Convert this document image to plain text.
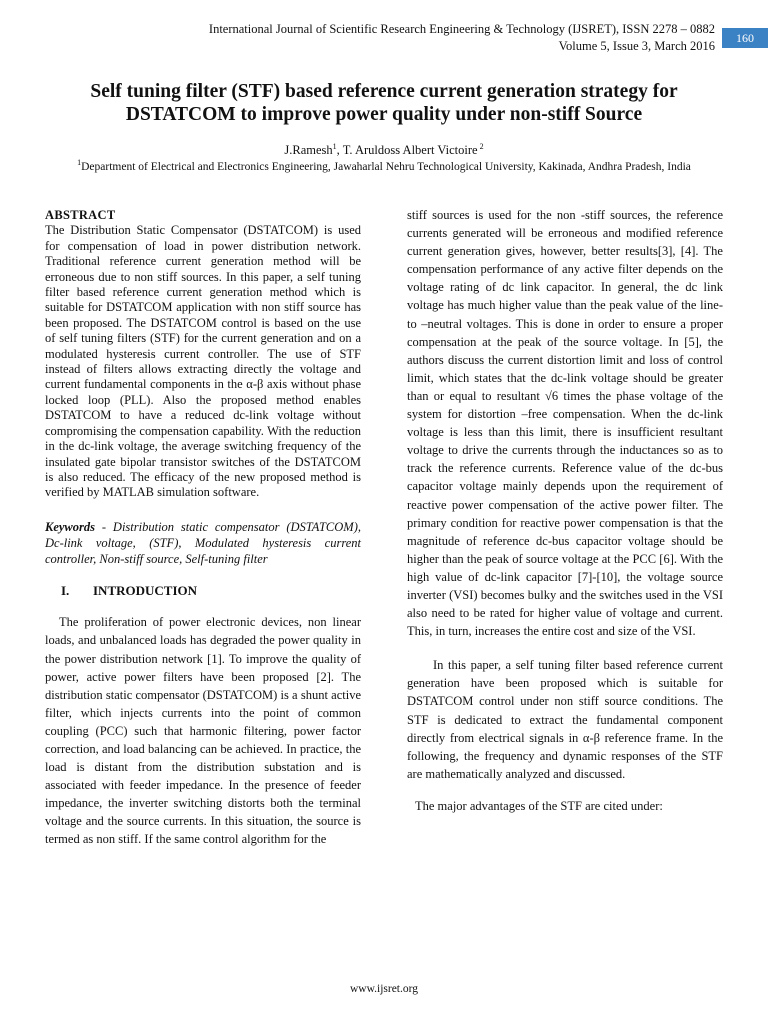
International Journal of Scientific Research Engineering & Technology (IJSRET), ISSN 2278 – 0882
Volume 5, Issue 3, March 2016
160
Self tuning filter (STF) based reference current generation strategy for
DSTATCOM to improve power quality under non-stiff Source
J.Ramesh$^1$, T. Aruldoss Albert Victoire $^2$
$^1$Department of Electrical and Electronics Engineering, Jawaharlal Nehru Technological University, Kakinada, Andhra Pradesh, India

ABSTRACT

The Distribution Static Compensator (DSTATCOM) is used for compensation of load in power distribution network. Traditional reference current generation method will be erroneous due to non stiff sources. In this paper, a self tuning filter based reference current generation method which is suitable for DSTATCOM application with non stiff source has been proposed. The DSTATCOM control is based on the use of self tuning filters (STF) for the current generation and on a modulated hysteresis current controller. The use of STF instead of filters allows extracting directly the voltage and current fundamental components in the α-β axis without phase locked loop (PLL). Also the proposed method enables DSTATCOM to have a reduced dc-link voltage without compromising the compensation capability. With the reduction in the dc-link voltage, the average switching frequency of the insulated gate bipolar transistor switches of the DSTATCOM is also reduced. The efficacy of the new proposed method is verified by MATLAB simulation software.

Keywords - Distribution static compensator (DSTATCOM), Dc-link voltage, (STF), Modulated hysteresis current controller, Non-stiff source, Self-tuning filter

I. INTRODUCTION

The proliferation of power electronic devices, non linear loads, and unbalanced loads has degraded the power quality in the power distribution network [1]. To improve the quality of power, active power filters have been proposed [2]. The distribution static compensator (DSTATCOM) is a shunt active filter, which injects currents into the point of common coupling (PCC) such that harmonic filtering, power factor correction, and load balancing can be achieved. In practice, the load is distant from the distribution substation and is associated with feeder impedance. In the presence of feeder impedance, the inverter switching distorts both the terminal voltage and the source currents. In this situation, the source is termed as non stiff. If the same control algorithm for the

stiff sources is used for the non -stiff sources, the reference currents generated will be erroneous and modified reference current generation gives, however, better results[3], [4]. The compensation performance of any active filter depends on the voltage rating of dc link capacitor. In general, the dc link voltage has much higher value than the peak value of the line-to –neutral voltages. This is done in order to ensure a proper compensation at the peak of the source voltage. In [5], the authors discuss the current distortion limit and loss of control limit, which states that the dc-link voltage should be greater than or equal to resultant √6 times the phase voltage of the system for distortion –free compensation. When the dc-link voltage is less than this limit, there is insufficient resultant voltage to drive the currents through the inductances so as to track the reference currents. Reference value of the dc-bus capacitor voltage mainly depends upon the requirement of reactive power compensation of the active power filter. The primary condition for reactive power compensation is that the magnitude of reference dc-bus capacitor voltage should be higher than the peak of source voltage at the PCC [6]. With the high value of dc-link capacitor [7]-[10], the voltage source inverter (VSI) becomes bulky and the switches used in the VSI also need to be rated for higher value of voltage and current. This, in turn, increases the entire cost and size of the VSI.

In this paper, a self tuning filter based reference current generation have been proposed which is suitable for DSTATCOM control under non stiff source conditions. The STF is dedicated to extract the fundamental component directly from electrical signals in α-β reference frame. In the following, the frequency and dynamic responses of the STF are mathematically analyzed and discussed.

The major advantages of the STF are cited under:

www.ijsret.org
